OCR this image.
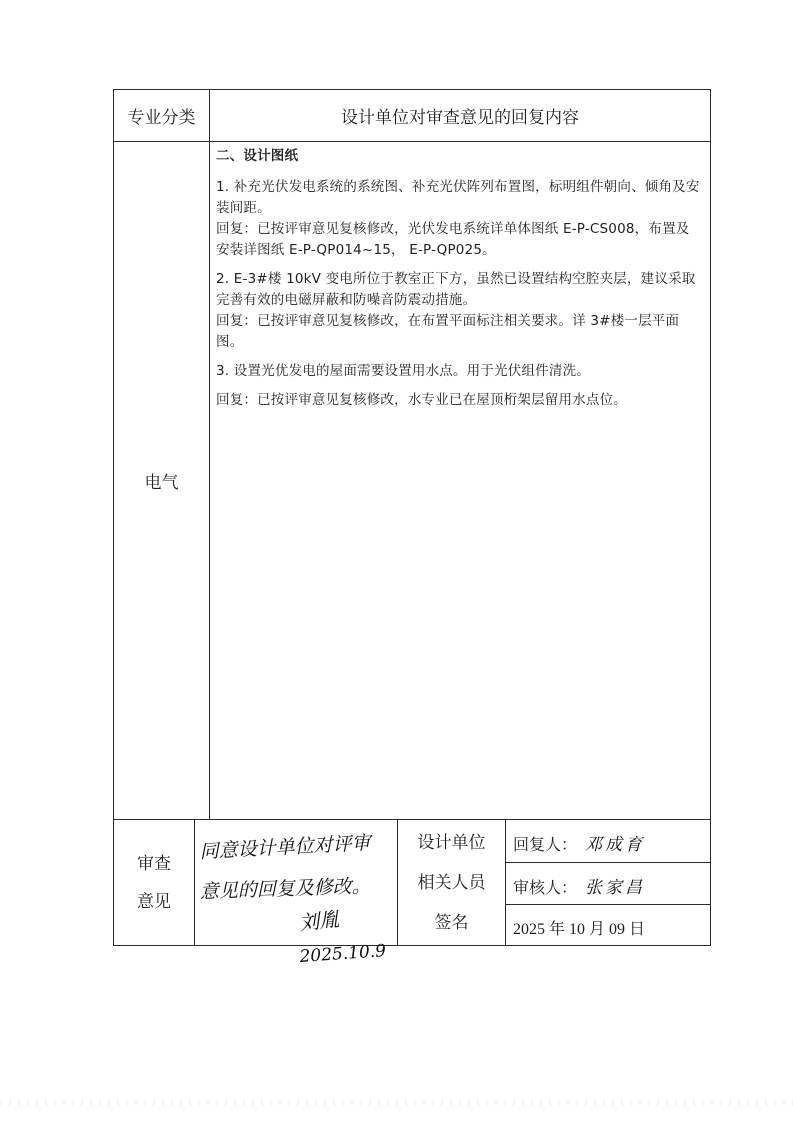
专业分类	设计单位对审查意见的回复内容
电气

二、设计图纸

1. 补充光伏发电系统的系统图、补充光伏阵列布置图，标明组件朝向、倾角及安装间距。

回复：已按评审意见复核修改，光伏发电系统详单体图纸 E-P-CS008，布置及安装详图纸 E-P-QP014~15， E-P-QP025。

2. E-3#楼 10kV 变电所位于教室正下方，虽然已设置结构空腔夹层，建议采取完善有效的电磁屏蔽和防噪音防震动措施。

回复：已按评审意见复核修改，在布置平面标注相关要求。详 3#楼一层平面图。

3. 设置光优发电的屋面需要设置用水点。用于光伏组件清洗。

回复：已按评审意见复核修改，水专业已在屋顶桁架层留用水点位。

审查
意见
同意设计单位对评审
意见的回复及修改。
刘胤
2025.10.9
设计单位
相关人员
签名
回复人： 邓成育
审核人： 张家昌
2025 年 10 月 09 日
